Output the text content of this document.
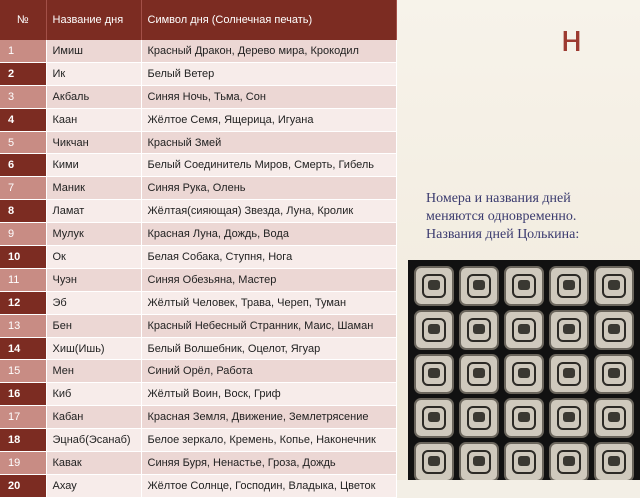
н
№	Название дня	Символ дня (Солнечная печать)
1	Имиш	Красный Дракон, Дерево мира, Крокодил
2	Ик	Белый Ветер
3	Акбаль	Синяя Ночь, Тьма, Сон
4	Каан	Жёлтое Семя, Ящерица, Игуана
5	Чикчан	Красный Змей
6	Кими	Белый Соединитель Миров, Смерть, Гибель
7	Маник	Синяя Рука, Олень
8	Ламат	Жёлтая(сияющая) Звезда, Луна, Кролик
9	Мулук	Красная Луна, Дождь, Вода
10	Ок	Белая Собака, Ступня, Нога
11	Чуэн	Синяя Обезьяна, Мастер
12	Эб	Жёлтый Человек, Трава, Череп, Туман
13	Бен	Красный Небесный Странник, Маис, Шаман
14	Хиш(Ишь)	Белый Волшебник, Оцелот, Ягуар
15	Мен	Синий Орёл, Работа
16	Киб	Жёлтый Воин, Воск, Гриф
17	Кабан	Красная Земля, Движение, Землетрясение
18	Эцнаб(Эсанаб)	Белое зеркало, Кремень, Копье, Наконечник
19	Кавак	Синяя Буря, Ненастье, Гроза, Дождь
20	Ахау	Жёлтое Солнце, Господин, Владыка, Цветок
Номера и названия дней меняются одновременно. Названия дней Цолькина:
